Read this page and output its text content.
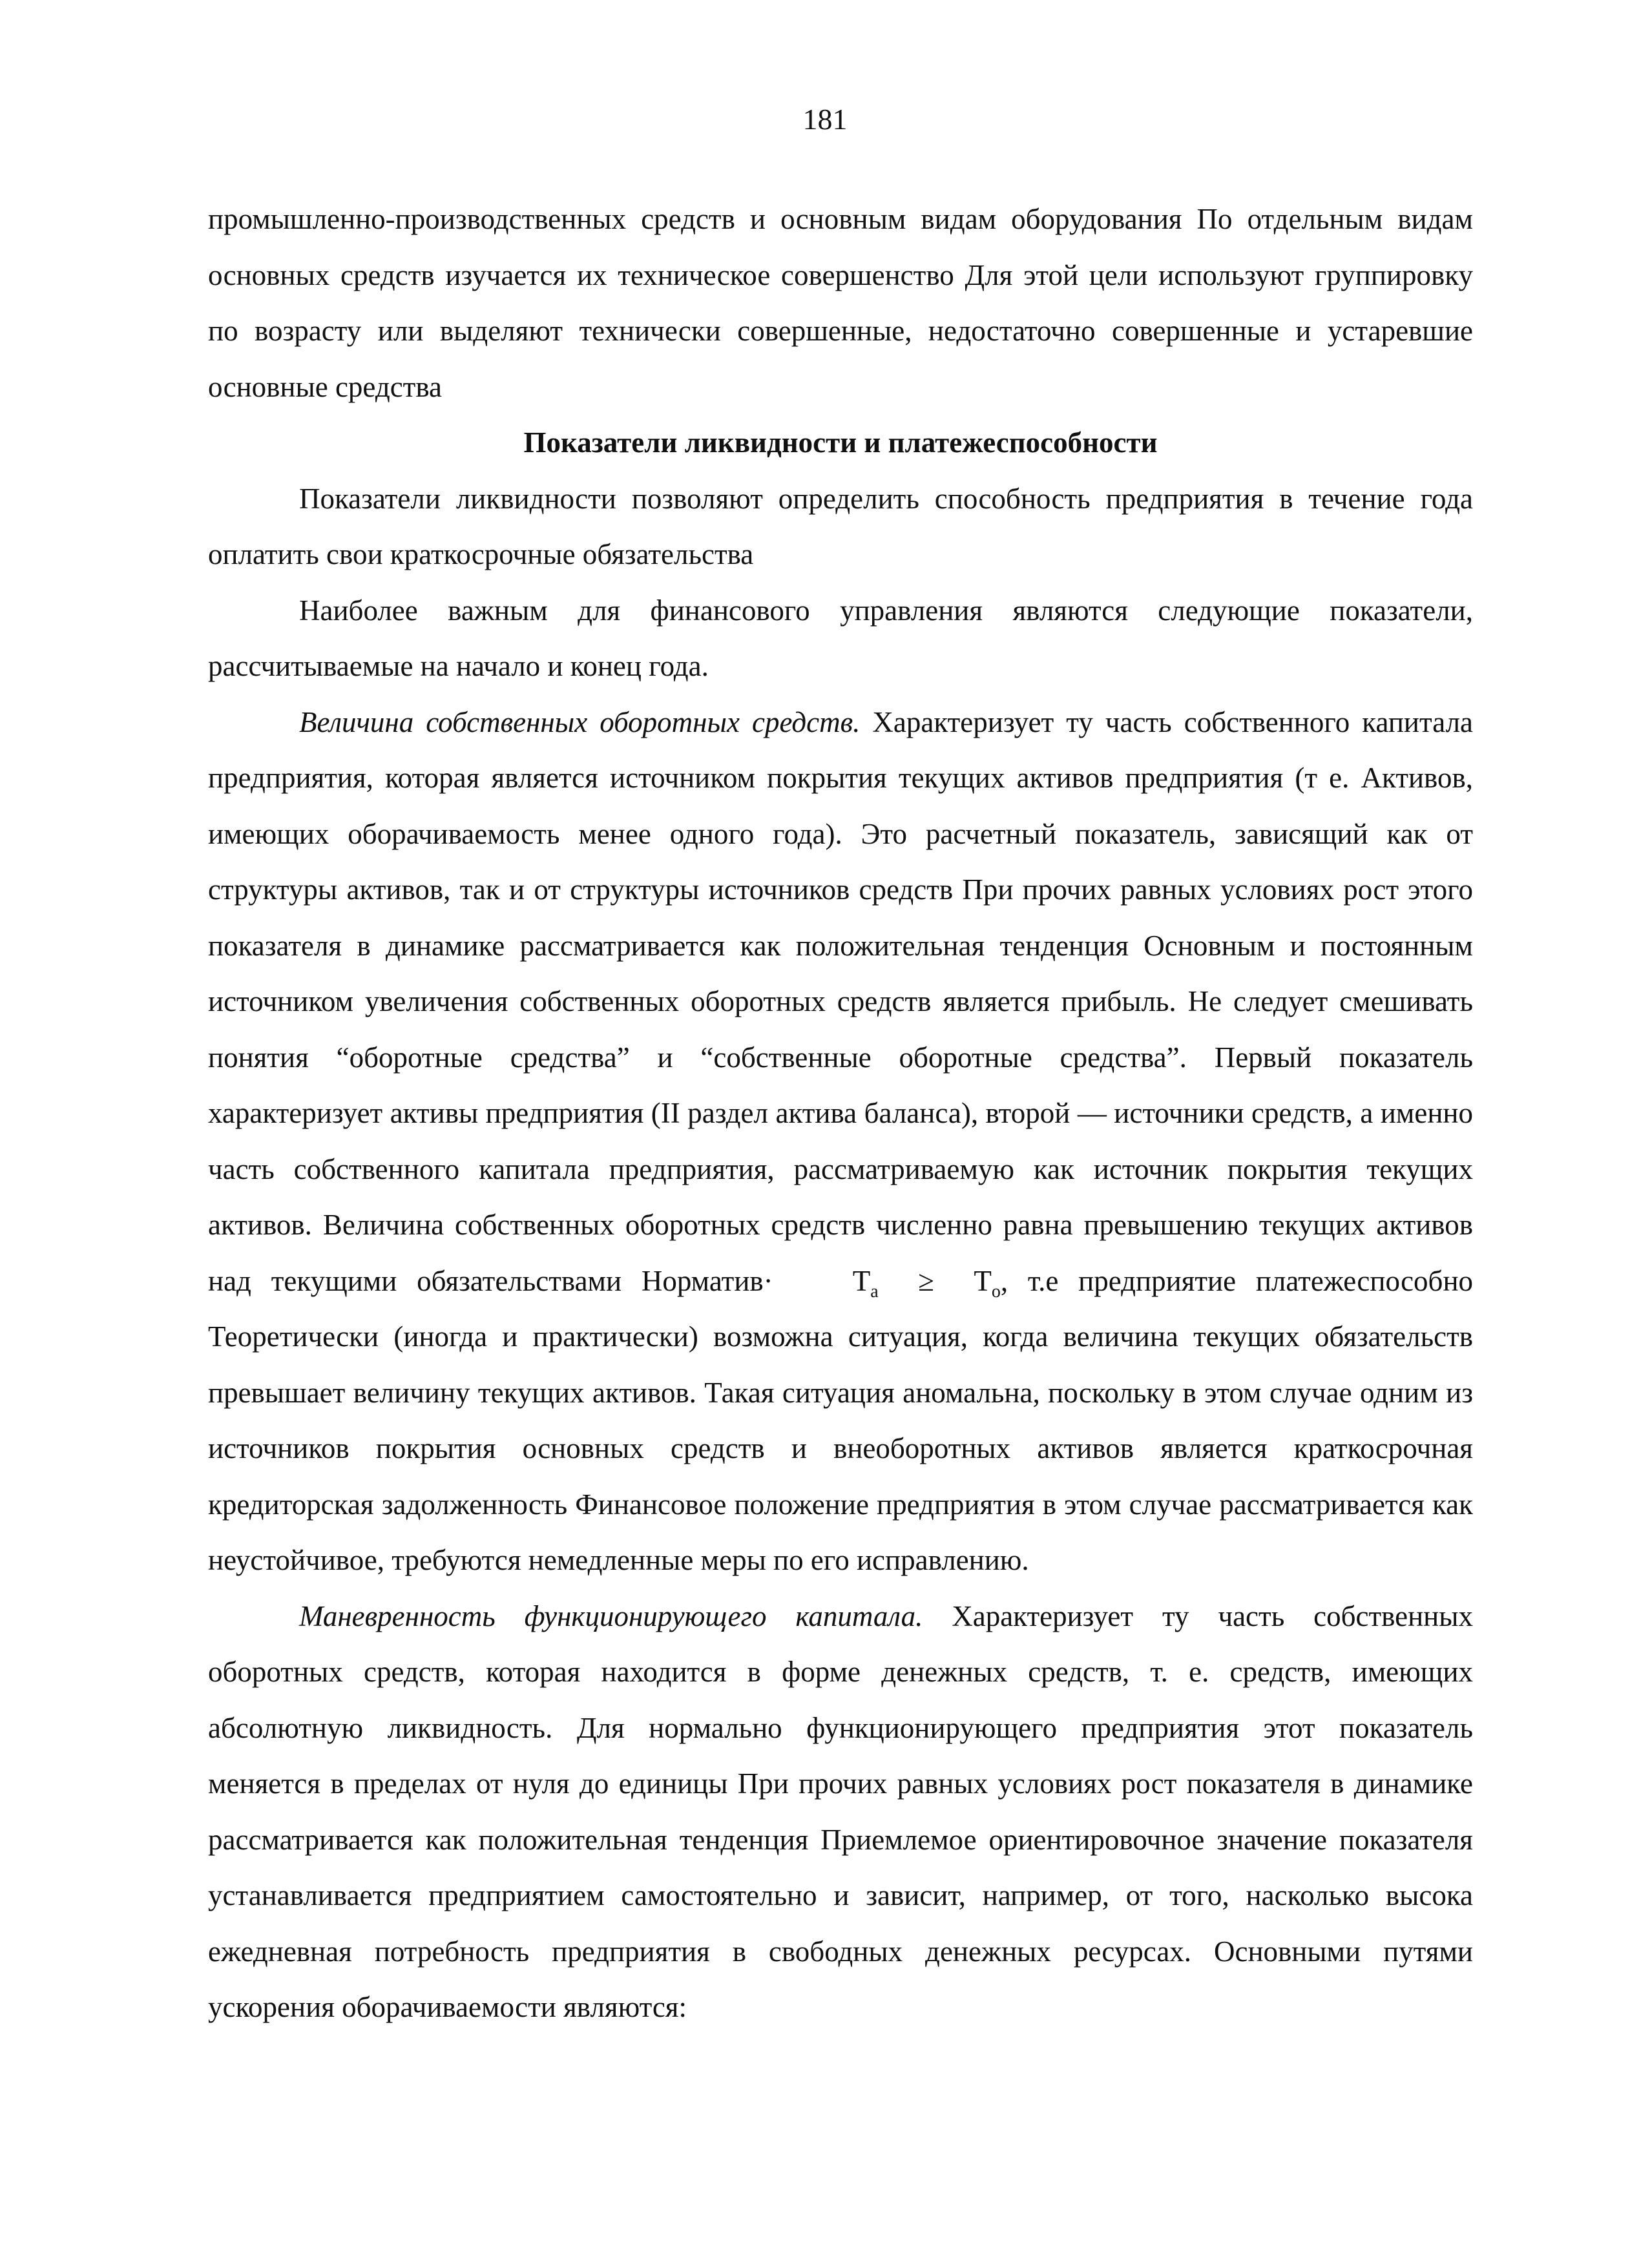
181

промышленно-производственных средств и основным видам оборудования По отдельным видам основных средств изучается их техническое совершенство Для этой цели используют группировку по возрасту или выделяют технически совершенные, недостаточно совершенные и устаревшие основные средства

Показатели ликвидности и платежеспособности

Показатели ликвидности позволяют определить способность предприятия в течение года оплатить свои краткосрочные обязательства

Наиболее важным для финансового управления являются следующие показатели, рассчитываемые на начало и конец года.

Величина собственных оборотных средств. Характеризует ту часть собственного капитала предприятия, которая является источником покрытия текущих активов предприятия (т е. Активов, имеющих оборачиваемость менее одного года). Это расчетный показатель, зависящий как от структуры активов, так и от структуры источников средств При прочих равных условиях рост этого показателя в динамике рассматривается как положительная тенденция Основным и постоянным источником увеличения собственных оборотных средств является прибыль. Не следует смешивать понятия “оборотные средства” и “собственные оборотные средства”. Первый показатель характеризует активы предприятия (II раздел актива баланса), второй — источники средств, а именно часть собственного капитала предприятия, рассматриваемую как источник покрытия текущих активов. Величина собственных оборотных средств численно равна превышению текущих активов над текущими обязательствами Норматив·	$T_a \ge T_o$, т.е предприятие платежеспособно Теоретически (иногда и практически) возможна ситуация, когда величина текущих обязательств превышает величину текущих активов. Такая ситуация аномальна, поскольку в этом случае одним из источников покрытия основных средств и внеоборотных активов является краткосрочная кредиторская задолженность Финансовое положение предприятия в этом случае рассматривается как неустойчивое, требуются немедленные меры по его исправлению.

Маневренность функционирующего капитала. Характеризует ту часть собственных оборотных средств, которая находится в форме денежных средств, т. е. средств, имеющих абсолютную ликвидность. Для нормально функционирующего предприятия этот показатель меняется в пределах от нуля до единицы При прочих равных условиях рост показателя в динамике рассматривается как положительная тенденция Приемлемое ориентировочное значение показателя устанавливается предприятием самостоятельно и зависит, например, от того, насколько высока ежедневная потребность предприятия в свободных денежных ресурсах. Основными путями ускорения оборачиваемости являются:
